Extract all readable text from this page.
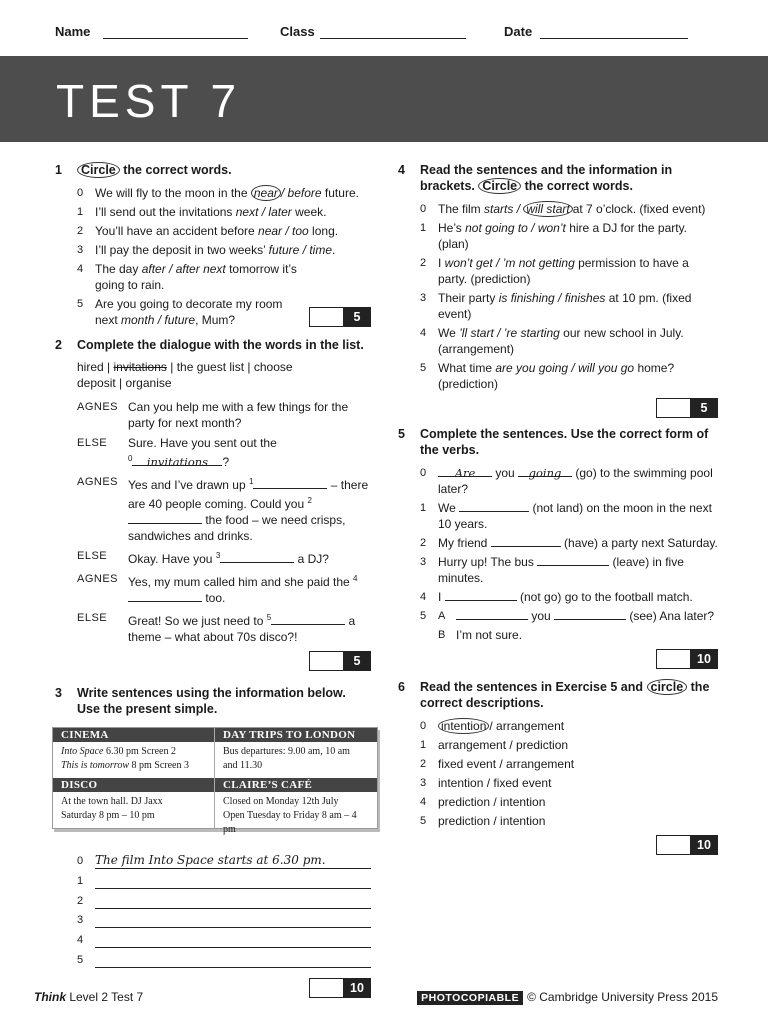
Name	Class	Date
TEST 7
1 Circle the correct words.
0 We will fly to the moon in the near / before future.
1 I’ll send out the invitations next / later week.
2 You’ll have an accident before near / too long.
3 I’ll pay the deposit in two weeks’ future / time.
4 The day after / after next tomorrow it’s going to rain.
5 Are you going to decorate my room next month / future, Mum?	5
2 Complete the dialogue with the words in the list.
hired | invitations | the guest list | choose
deposit | organise
AGNES Can you help me with a few things for the party for next month?
ELSE Sure. Have you sent out the
$^0$ invitations ?
AGNES Yes and I’ve drawn up $^1$	– there are 40 people coming. Could you $^2$ the food – we need crisps, sandwiches and drinks.
ELSE Okay. Have you $^3$	a DJ?
AGNES Yes, my mum called him and she paid the $^4$ too.
ELSE Great! So we just need to $^5$	a theme – what about 70s disco?!
5
3 Write sentences using the information below. Use the present simple.
CINEMA
Into Space 6.30 pm Screen 2
This is tomorrow 8 pm Screen 3
DAY TRIPS TO LONDON
Bus departures: 9.00 am, 10 am
and 11.30
DISCO
At the town hall. DJ Jaxx
Saturday 8 pm – 10 pm
CLAIRE’S CAFÉ
Closed on Monday 12th July
Open Tuesday to Friday 8 am – 4 pm
0 The film Into Space starts at 6.30 pm.
1
2
3
4
5
10
4 Read the sentences and the information in brackets. Circle the correct words.
0 The film starts / will start at 7 o’clock. (fixed event)
1 He’s not going to / won’t hire a DJ for the party. (plan)
2 I won’t get / ’m not getting permission to have a party. (prediction)
3 Their party is finishing / finishes at 10 pm. (fixed event)
4 We ’ll start / ’re starting our new school in July. (arrangement)
5 What time are you going / will you go home? (prediction)
5
5 Complete the sentences. Use the correct form of the verbs.
0 Are you going (go) to the swimming pool later?
1 We	(not land) on the moon in the next 10 years.
2 My friend	(have) a party next Saturday.
3 Hurry up! The bus	(leave) in five minutes.
4 I	(not go) go to the football match.
5 A	you	(see) Ana later?
B I’m not sure.
10
6 Read the sentences in Exercise 5 and circle the correct descriptions.
0 intention / arrangement
1 arrangement / prediction
2 fixed event / arrangement
3 intention / fixed event
4 prediction / intention
5 prediction / intention
10
Think Level 2 Test 7	PHOTOCOPIABLE © Cambridge University Press 2015
